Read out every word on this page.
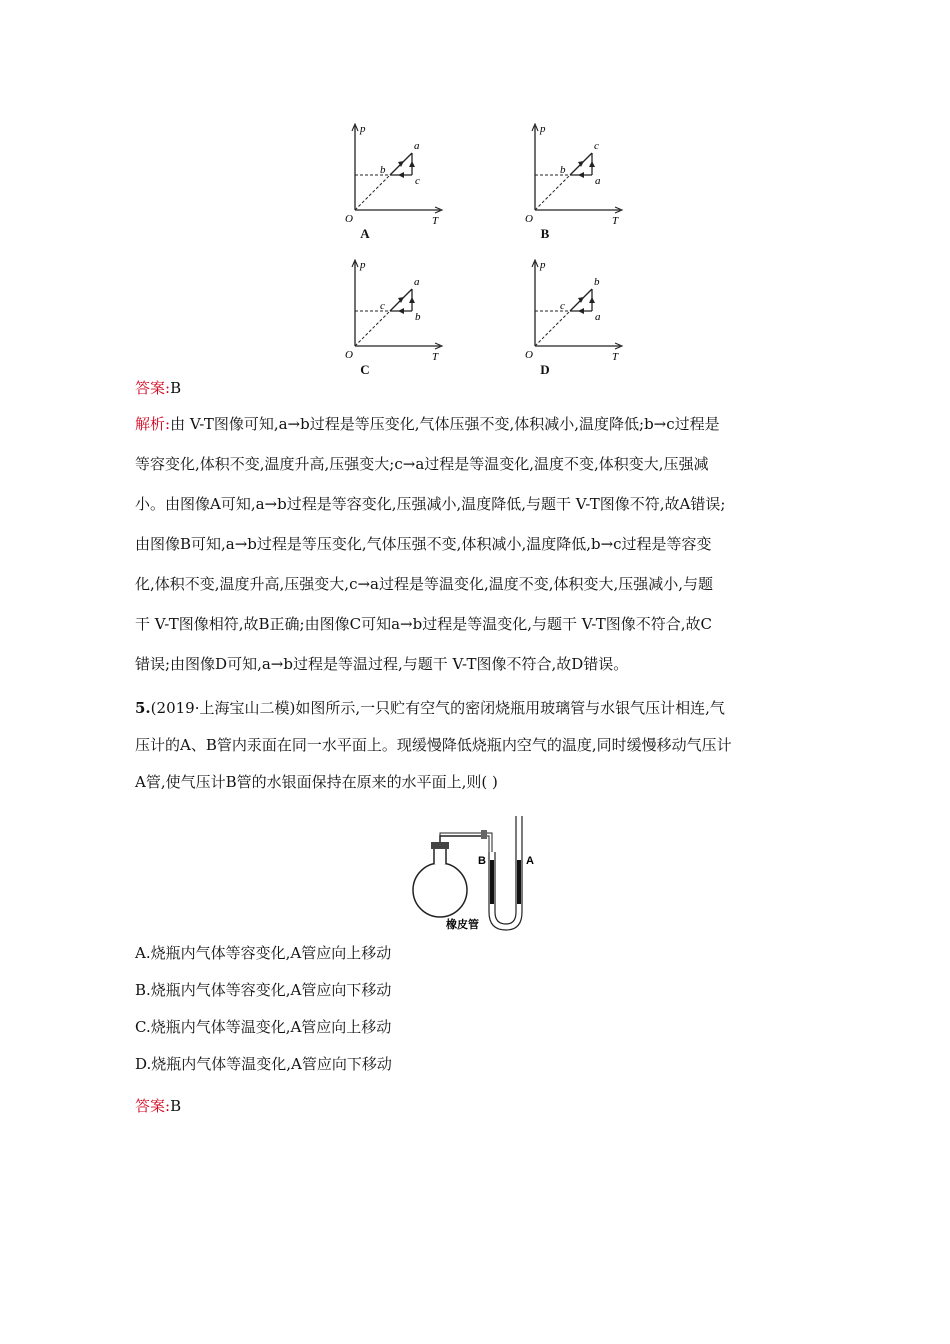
p
T
O
a
b
c
A
p
T
O
c
b
a
B
p
T
O
a
c
b
C
p
T
O
b
c
a
D
答案:B
解析:由 V-T图像可知,a→b过程是等压变化,气体压强不变,体积减小,温度降低;b→c过程是
等容变化,体积不变,温度升高,压强变大;c→a过程是等温变化,温度不变,体积变大,压强减
小。由图像A可知,a→b过程是等容变化,压强减小,温度降低,与题干 V-T图像不符,故A错误;
由图像B可知,a→b过程是等压变化,气体压强不变,体积减小,温度降低,b→c过程是等容变
化,体积不变,温度升高,压强变大,c→a过程是等温变化,温度不变,体积变大,压强减小,与题
干 V-T图像相符,故B正确;由图像C可知a→b过程是等温变化,与题干 V-T图像不符合,故C
错误;由图像D可知,a→b过程是等温过程,与题干 V-T图像不符合,故D错误。
5.(2019·上海宝山二模)如图所示,一只贮有空气的密闭烧瓶用玻璃管与水银气压计相连,气
压计的A、B管内汞面在同一水平面上。现缓慢降低烧瓶内空气的温度,同时缓慢移动气压计
A管,使气压计B管的水银面保持在原来的水平面上,则( )
B	A
橡皮管
A.烧瓶内气体等容变化,A管应向上移动
B.烧瓶内气体等容变化,A管应向下移动
C.烧瓶内气体等温变化,A管应向上移动
D.烧瓶内气体等温变化,A管应向下移动
答案:B
